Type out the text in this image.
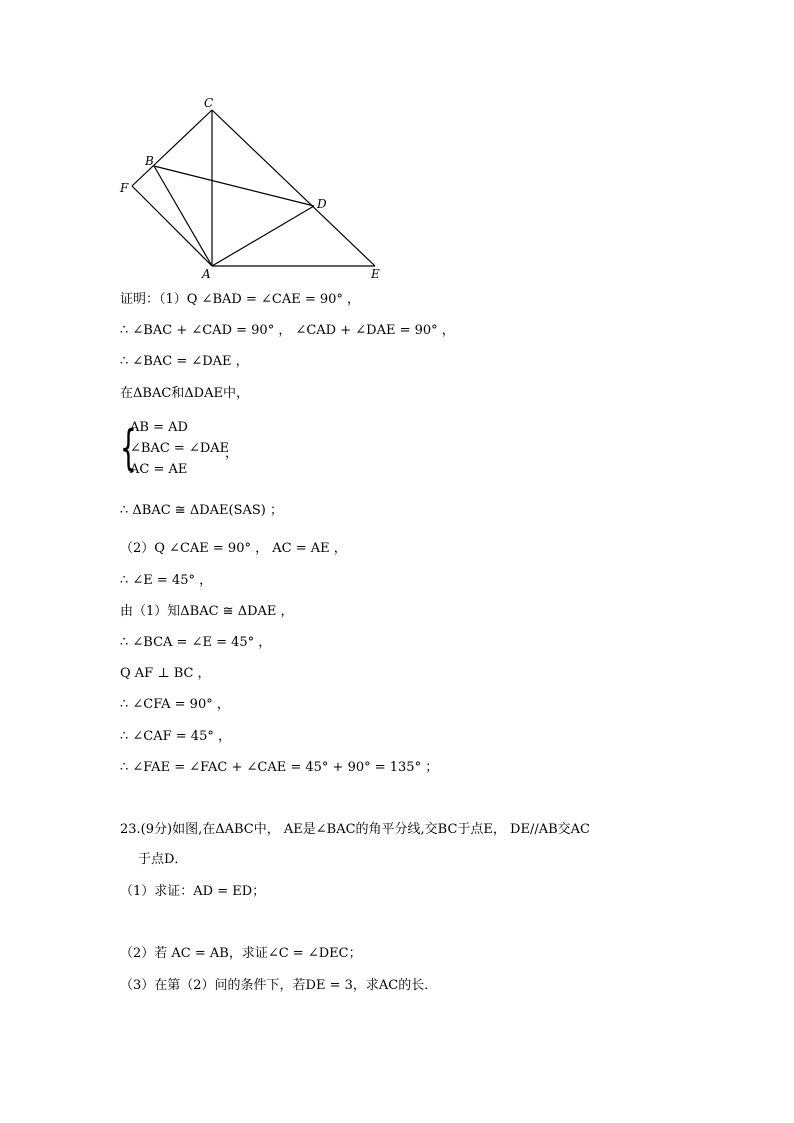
C
B
F
D
A	E
证明：（1）Q ∠BAD = ∠CAE = 90° ，
∴ ∠BAC + ∠CAD = 90° ， ∠CAD + ∠DAE = 90° ，
∴ ∠BAC = ∠DAE ，
在ΔBAC和ΔDAE中，
{
AB = AD
∠BAC = ∠DAE
AC = AE
，
∴ ΔBAC ≅ ΔDAE(SAS) ；
（2）Q ∠CAE = 90° ， AC = AE ，
∴ ∠E = 45° ，
由（1）知ΔBAC ≅ ΔDAE ，
∴ ∠BCA = ∠E = 45° ，
Q AF ⊥ BC ，
∴ ∠CFA = 90° ，
∴ ∠CAF = 45° ，
∴ ∠FAE = ∠FAC + ∠CAE = 45° + 90° = 135° ；
23.(9分)如图,在ΔABC中， AE是∠BAC的角平分线,交BC于点E， DE//AB交AC
于点D．
（1）求证：AD = ED；
（2）若 AC = AB，求证∠C = ∠DEC；
（3）在第（2）问的条件下，若DE = 3，求AC的长．
